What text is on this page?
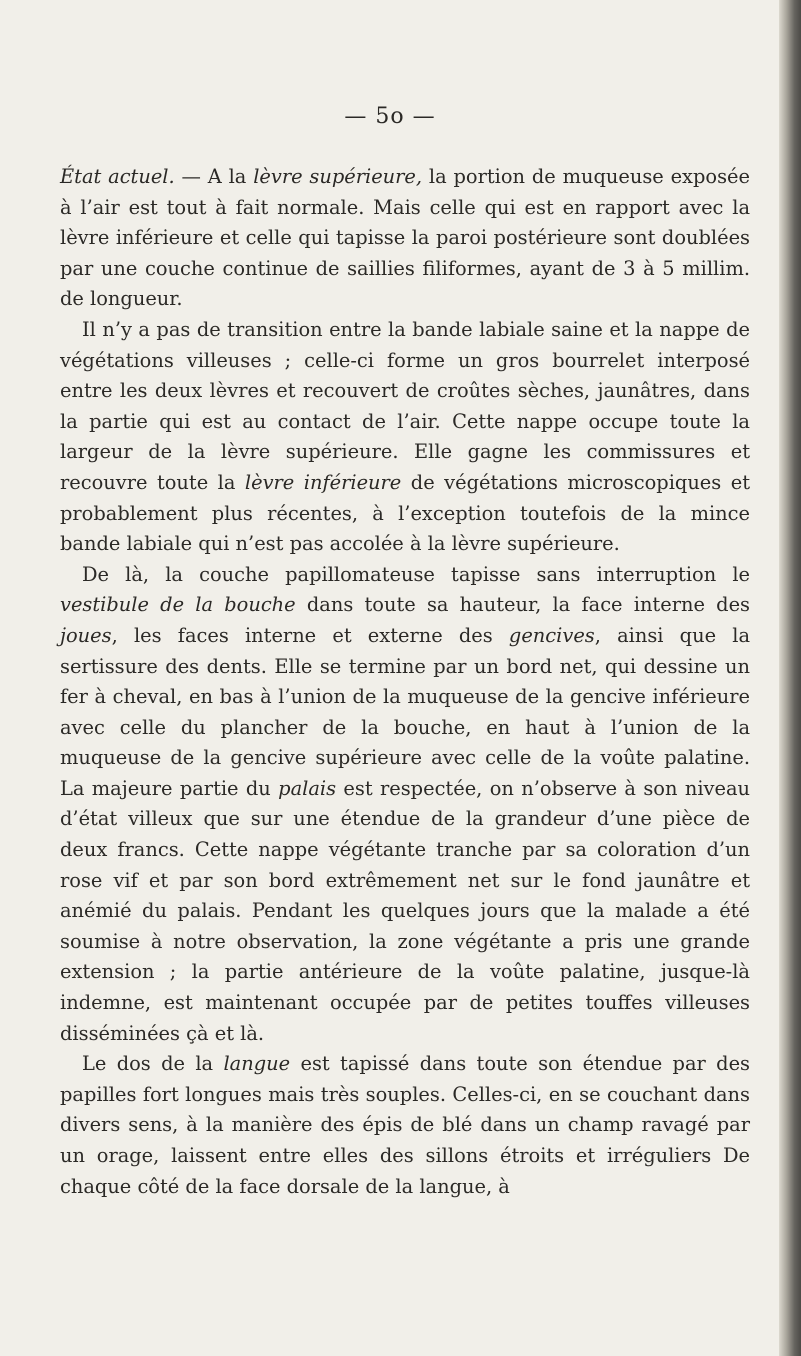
— 5o —

État actuel. — A la lèvre supérieure, la portion de muqueuse exposée à l’air est tout à fait normale. Mais celle qui est en rapport avec la lèvre inférieure et celle qui tapisse la paroi postérieure sont doublées par une couche continue de saillies filiformes, ayant de 3 à 5 millim. de longueur.

Il n’y a pas de transition entre la bande labiale saine et la nappe de végétations villeuses ; celle-ci forme un gros bourrelet interposé entre les deux lèvres et recouvert de croûtes sèches, jaunâtres, dans la partie qui est au contact de l’air. Cette nappe occupe toute la largeur de la lèvre supérieure. Elle gagne les commissures et recouvre toute la lèvre inférieure de végétations microscopiques et probablement plus récentes, à l’exception toutefois de la mince bande labiale qui n’est pas accolée à la lèvre supérieure.

De là, la couche papillomateuse tapisse sans interruption le vestibule de la bouche dans toute sa hauteur, la face interne des joues, les faces interne et externe des gencives, ainsi que la sertissure des dents. Elle se termine par un bord net, qui dessine un fer à cheval, en bas à l’union de la muqueuse de la gencive inférieure avec celle du plancher de la bouche, en haut à l’union de la muqueuse de la gencive supérieure avec celle de la voûte palatine. La majeure partie du palais est respectée, on n’observe à son niveau d’état villeux que sur une étendue de la grandeur d’une pièce de deux francs. Cette nappe végétante tranche par sa coloration d’un rose vif et par son bord extrêmement net sur le fond jaunâtre et anémié du palais. Pendant les quelques jours que la malade a été soumise à notre observation, la zone végétante a pris une grande extension ; la partie antérieure de la voûte palatine, jusque-là indemne, est maintenant occupée par de petites touffes villeuses disséminées çà et là.

Le dos de la langue est tapissé dans toute son étendue par des papilles fort longues mais très souples. Celles-ci, en se couchant dans divers sens, à la manière des épis de blé dans un champ ravagé par un orage, laissent entre elles des sillons étroits et irréguliers De chaque côté de la face dorsale de la langue, à
